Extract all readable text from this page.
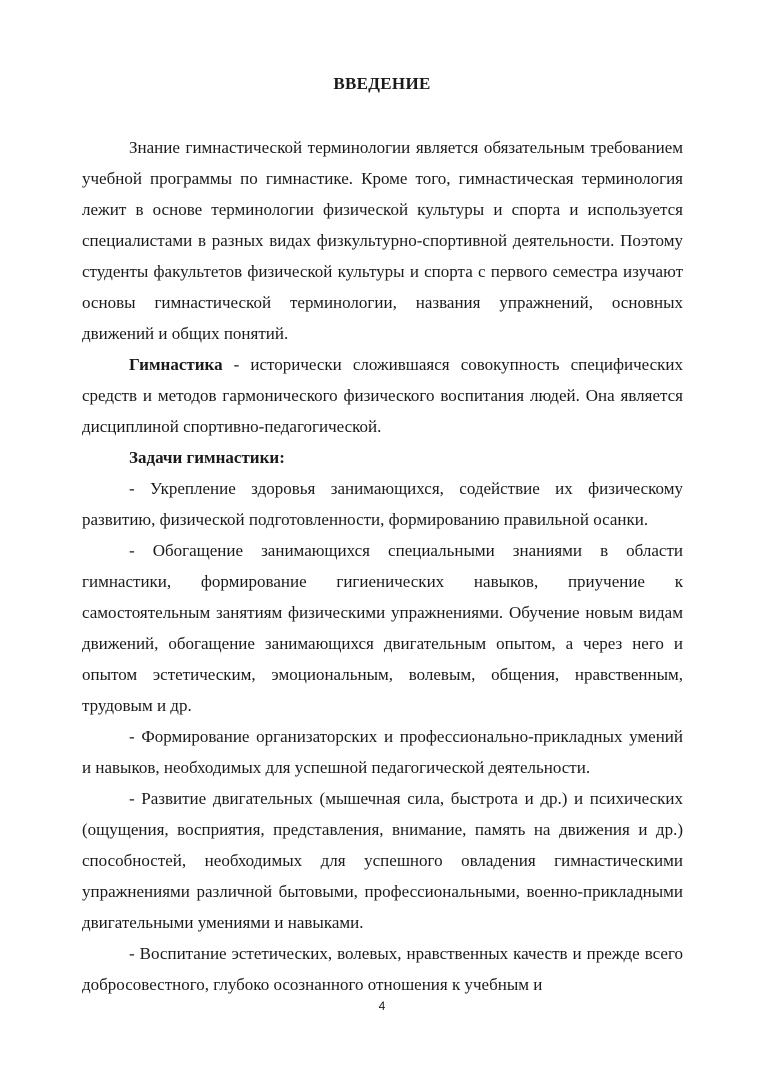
ВВЕДЕНИЕ

Знание гимнастической терминологии является обязательным требованием учебной программы по гимнастике. Кроме того, гимнастическая терминология лежит в основе терминологии физической культуры и спорта и используется специалистами в разных видах физкультурно-спортивной деятельности. Поэтому студенты факультетов физической культуры и спорта с первого семестра изучают основы гимнастической терминологии, названия упражнений, основных движений и общих понятий.

Гимнастика - исторически сложившаяся совокупность специфических средств и методов гармонического физического воспитания людей. Она является дисциплиной спортивно-педагогической.

Задачи гимнастики:

- Укрепление здоровья занимающихся, содействие их физическому развитию, физической подготовленности, формированию правильной осанки.

- Обогащение занимающихся специальными знаниями в области гимнастики, формирование гигиенических навыков, приучение к самостоятельным занятиям физическими упражнениями. Обучение новым видам движений, обогащение занимающихся двигательным опытом, а через него и опытом эстетическим, эмоциональным, волевым, общения, нравственным, трудовым и др.

- Формирование организаторских и профессионально-прикладных умений и навыков, необходимых для успешной педагогической деятельности.

- Развитие двигательных (мышечная сила, быстрота и др.) и психических (ощущения, восприятия, представления, внимание, память на движения и др.) способностей, необходимых для успешного овладения гимнастическими упражнениями различной бытовыми, профессиональными, военно-прикладными двигательными умениями и навыками.

- Воспитание эстетических, волевых, нравственных качеств и прежде всего добросовестного, глубоко осознанного отношения к учебным и

4
